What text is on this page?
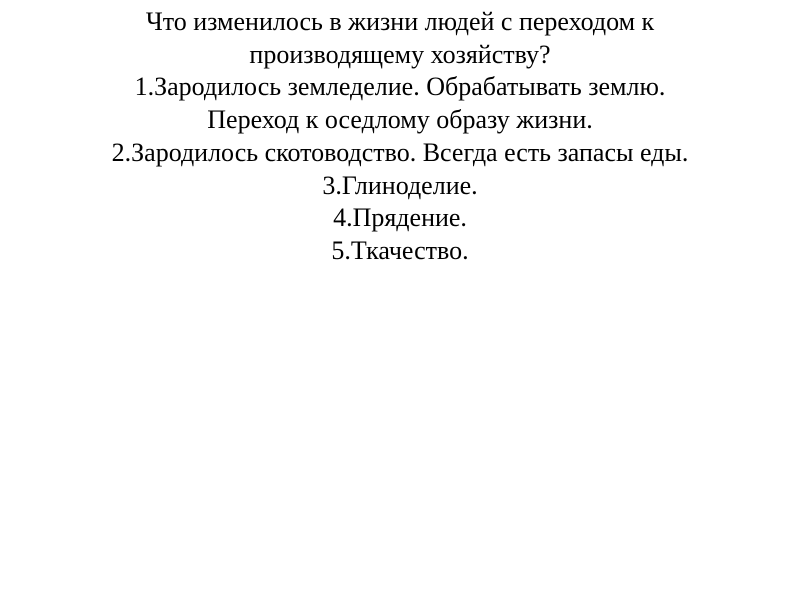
Что изменилось в жизни людей с переходом к
производящему хозяйству?
1.Зародилось земледелие. Обрабатывать землю.
Переход к оседлому образу жизни.
2.Зародилось скотоводство. Всегда есть запасы еды.
3.Глиноделие.
4.Прядение.
5.Ткачество.
